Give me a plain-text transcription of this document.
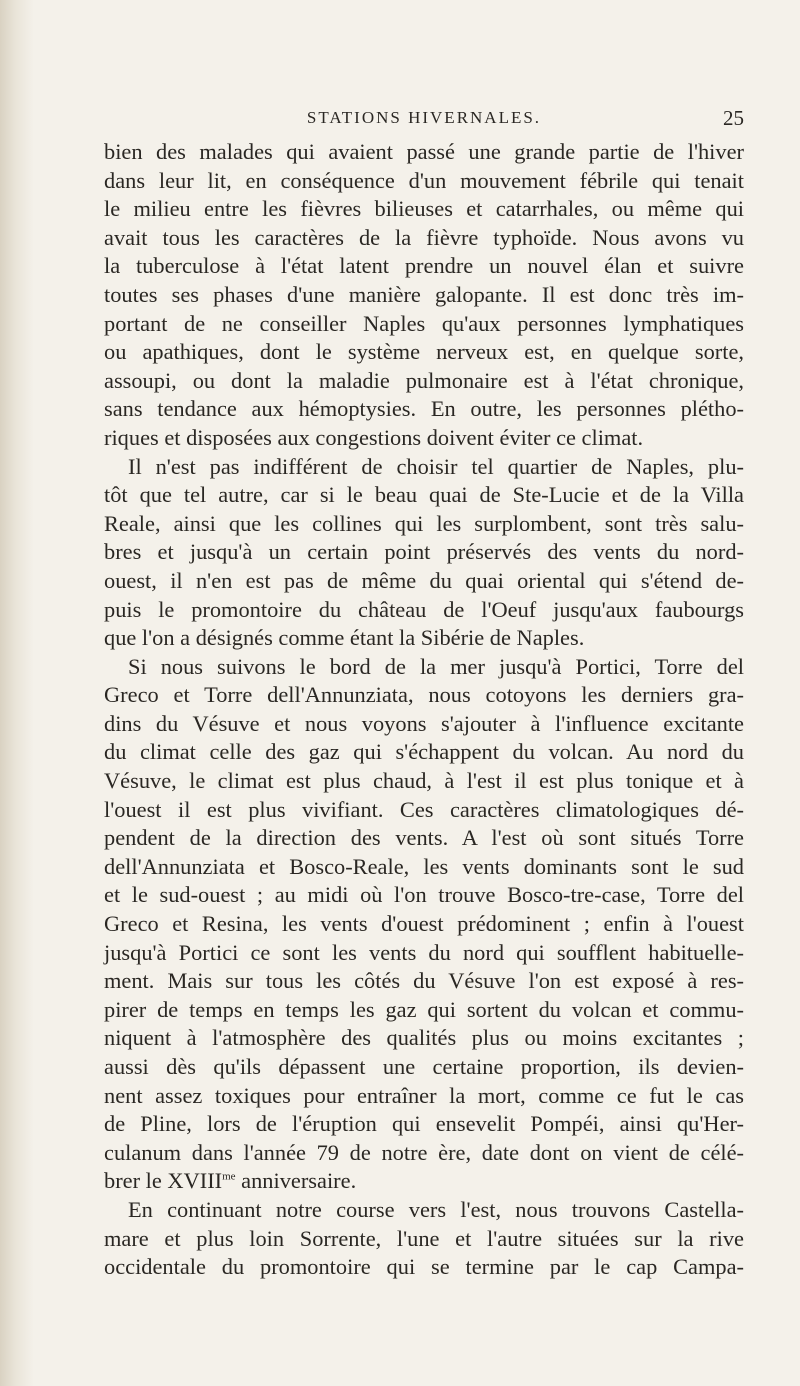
STATIONS HIVERNALES.	25
bien des malades qui avaient passé une grande partie de l'hiver
dans leur lit, en conséquence d'un mouvement fébrile qui tenait
le milieu entre les fièvres bilieuses et catarrhales, ou même qui
avait tous les caractères de la fièvre typhoïde. Nous avons vu
la tuberculose à l'état latent prendre un nouvel élan et suivre
toutes ses phases d'une manière galopante. Il est donc très im-
portant de ne conseiller Naples qu'aux personnes lymphatiques
ou apathiques, dont le système nerveux est, en quelque sorte,
assoupi, ou dont la maladie pulmonaire est à l'état chronique,
sans tendance aux hémoptysies. En outre, les personnes plétho-
riques et disposées aux congestions doivent éviter ce climat.
Il n'est pas indifférent de choisir tel quartier de Naples, plu-
tôt que tel autre, car si le beau quai de Ste-Lucie et de la Villa
Reale, ainsi que les collines qui les surplombent, sont très salu-
bres et jusqu'à un certain point préservés des vents du nord-
ouest, il n'en est pas de même du quai oriental qui s'étend de-
puis le promontoire du château de l'Oeuf jusqu'aux faubourgs
que l'on a désignés comme étant la Sibérie de Naples.
Si nous suivons le bord de la mer jusqu'à Portici, Torre del
Greco et Torre dell'Annunziata, nous cotoyons les derniers gra-
dins du Vésuve et nous voyons s'ajouter à l'influence excitante
du climat celle des gaz qui s'échappent du volcan. Au nord du
Vésuve, le climat est plus chaud, à l'est il est plus tonique et à
l'ouest il est plus vivifiant. Ces caractères climatologiques dé-
pendent de la direction des vents. A l'est où sont situés Torre
dell'Annunziata et Bosco-Reale, les vents dominants sont le sud
et le sud-ouest ; au midi où l'on trouve Bosco-tre-case, Torre del
Greco et Resina, les vents d'ouest prédominent ; enfin à l'ouest
jusqu'à Portici ce sont les vents du nord qui soufflent habituelle-
ment. Mais sur tous les côtés du Vésuve l'on est exposé à res-
pirer de temps en temps les gaz qui sortent du volcan et commu-
niquent à l'atmosphère des qualités plus ou moins excitantes ;
aussi dès qu'ils dépassent une certaine proportion, ils devien-
nent assez toxiques pour entraîner la mort, comme ce fut le cas
de Pline, lors de l'éruption qui ensevelit Pompéi, ainsi qu'Her-
culanum dans l'année 79 de notre ère, date dont on vient de célé-
brer le $XVIII^{me}$ anniversaire.
En continuant notre course vers l'est, nous trouvons Castella-
mare et plus loin Sorrente, l'une et l'autre situées sur la rive
occidentale du promontoire qui se termine par le cap Campa-
